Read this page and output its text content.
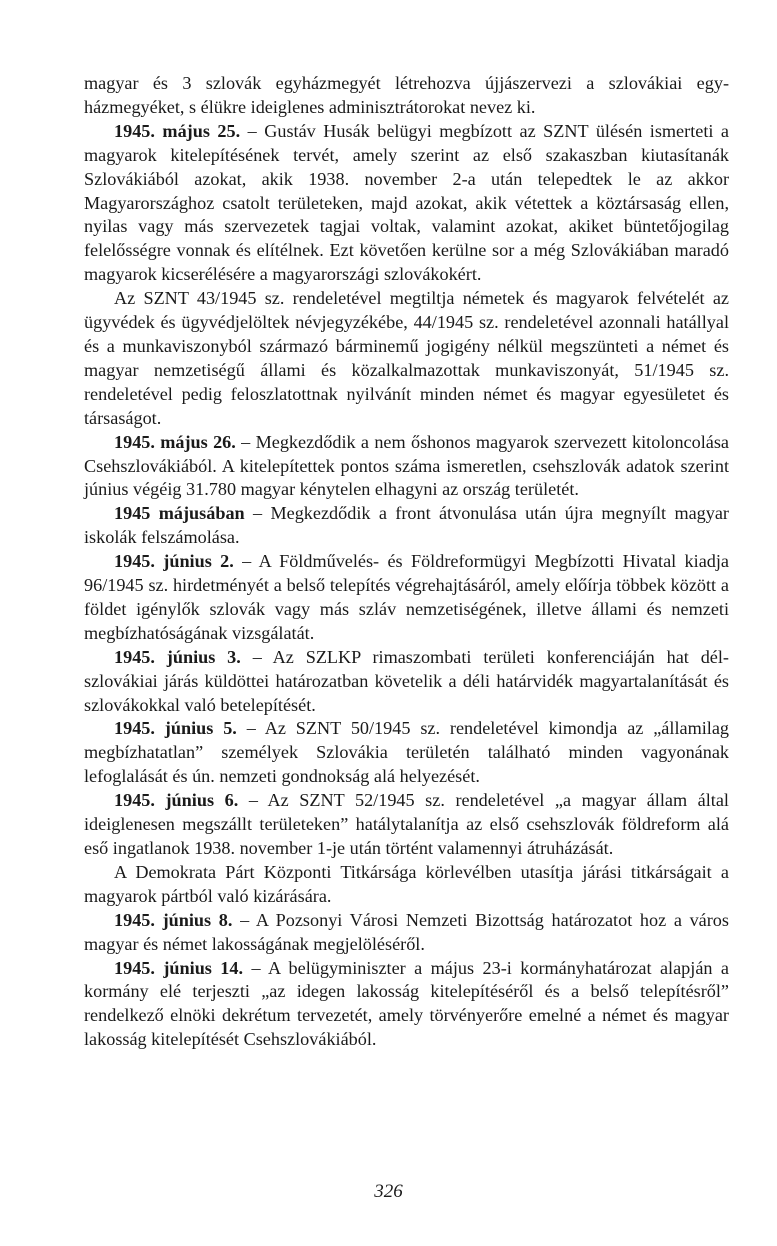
magyar és 3 szlovák egyházmegyét létrehozva újjászervezi a szlovákiai egyházmegyéket, s élükre ideiglenes adminisztrátorokat nevez ki.

1945. május 25. – Gustáv Husák belügyi megbízott az SZNT ülésén ismerteti a magyarok kitelepítésének tervét, amely szerint az első szakaszban kiutasítanák Szlovákiából azokat, akik 1938. november 2-a után telepedtek le az akkor Magyarországhoz csatolt területeken, majd azokat, akik vétettek a köztársaság ellen, nyilas vagy más szervezetek tagjai voltak, valamint azokat, akiket büntetőjogilag felelősségre vonnak és elítélnek. Ezt követően kerülne sor a még Szlovákiában maradó magyarok kicserélésére a magyarországi szlovákokért.

Az SZNT 43/1945 sz. rendeletével megtiltja németek és magyarok felvételét az ügyvédek és ügyvédjelöltek névjegyzékébe, 44/1945 sz. rendeletével azonnali hatállyal és a munkaviszonyból származó bárminemű jogigény nélkül megszünteti a német és magyar nemzetiségű állami és közalkalmazottak munkaviszonyát, 51/1945 sz. rendeletével pedig feloszlatottnak nyilvánít minden német és magyar egyesületet és társaságot.

1945. május 26. – Megkezdődik a nem őshonos magyarok szervezett kitoloncolása Csehszlovákiából. A kitelepítettek pontos száma ismeretlen, csehszlovák adatok szerint június végéig 31.780 magyar kénytelen elhagyni az ország területét.

1945 májusában – Megkezdődik a front átvonulása után újra megnyílt magyar iskolák felszámolása.

1945. június 2. – A Földművelés- és Földreformügyi Megbízotti Hivatal kiadja 96/1945 sz. hirdetményét a belső telepítés végrehajtásáról, amely előírja többek között a földet igénylők szlovák vagy más szláv nemzetiségének, illetve állami és nemzeti megbízhatóságának vizsgálatát.

1945. június 3. – Az SZLKP rimaszombati területi konferenciáján hat dél-szlovákiai járás küldöttei határozatban követelik a déli határvidék magyartalanítását és szlovákokkal való betelepítését.

1945. június 5. – Az SZNT 50/1945 sz. rendeletével kimondja az „államilag megbízhatatlan” személyek Szlovákia területén található minden vagyonának lefoglalását és ún. nemzeti gondnokság alá helyezését.

1945. június 6. – Az SZNT 52/1945 sz. rendeletével „a magyar állam által ideiglenesen megszállt területeken” hatálytalanítja az első csehszlovák földreform alá eső ingatlanok 1938. november 1-je után történt valamennyi átruházását.

A Demokrata Párt Központi Titkársága körlevélben utasítja járási titkárságait a magyarok pártból való kizárására.

1945. június 8. – A Pozsonyi Városi Nemzeti Bizottság határozatot hoz a város magyar és német lakosságának megjelöléséről.

1945. június 14. – A belügyminiszter a május 23-i kormányhatározat alapján a kormány elé terjeszti „az idegen lakosság kitelepítéséről és a belső telepítésről” rendelkező elnöki dekrétum tervezetét, amely törvényerőre emelné a német és magyar lakosság kitelepítését Csehszlovákiából.

326
